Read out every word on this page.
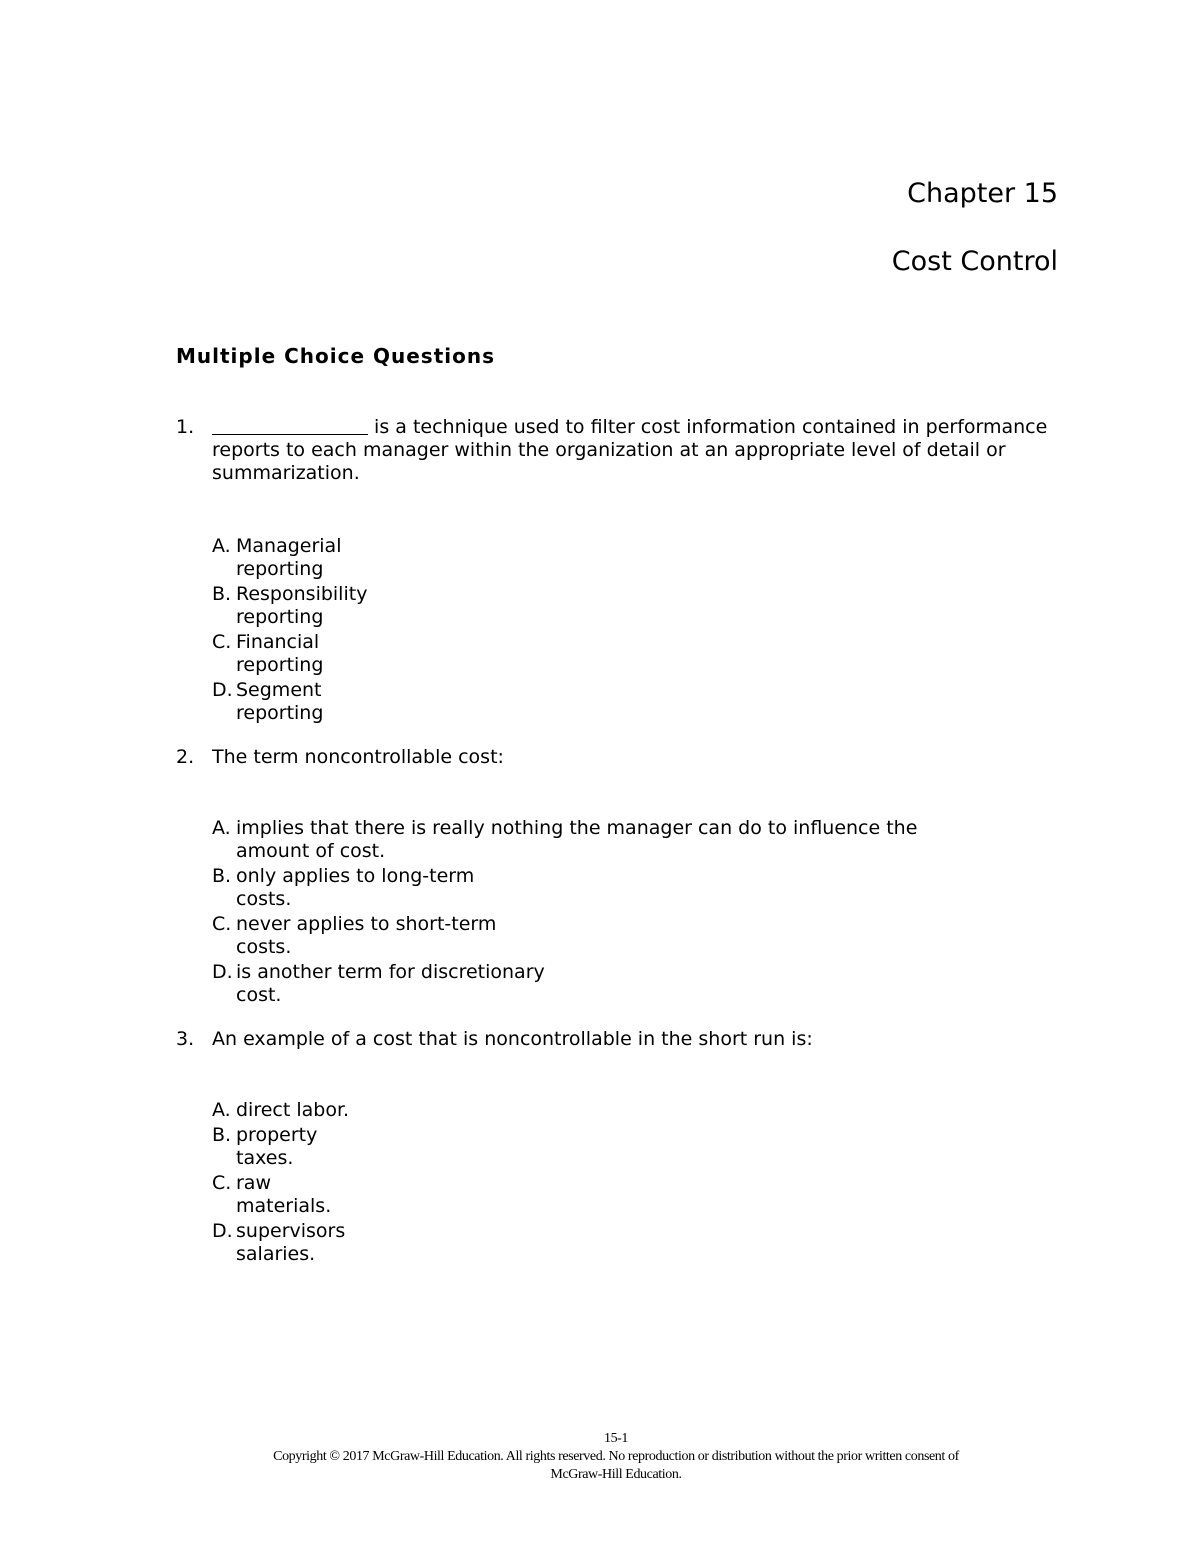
Chapter 15
Cost Control
Multiple Choice Questions
1.	is a technique used to filter cost information contained in performance reports to each manager within the organization at an appropriate level of detail or summarization.
A. Managerial reporting
B. Responsibility reporting
C. Financial reporting
D. Segment reporting
2. The term noncontrollable cost:
A. implies that there is really nothing the manager can do to influence the amount of cost.
B. only applies to long-term costs.
C. never applies to short-term costs.
D. is another term for discretionary cost.
3. An example of a cost that is noncontrollable in the short run is:
A. direct labor.
B. property taxes.
C. raw materials.
D. supervisors salaries.
15-1
Copyright © 2017 McGraw-Hill Education. All rights reserved. No reproduction or distribution without the prior written consent of
McGraw-Hill Education.
